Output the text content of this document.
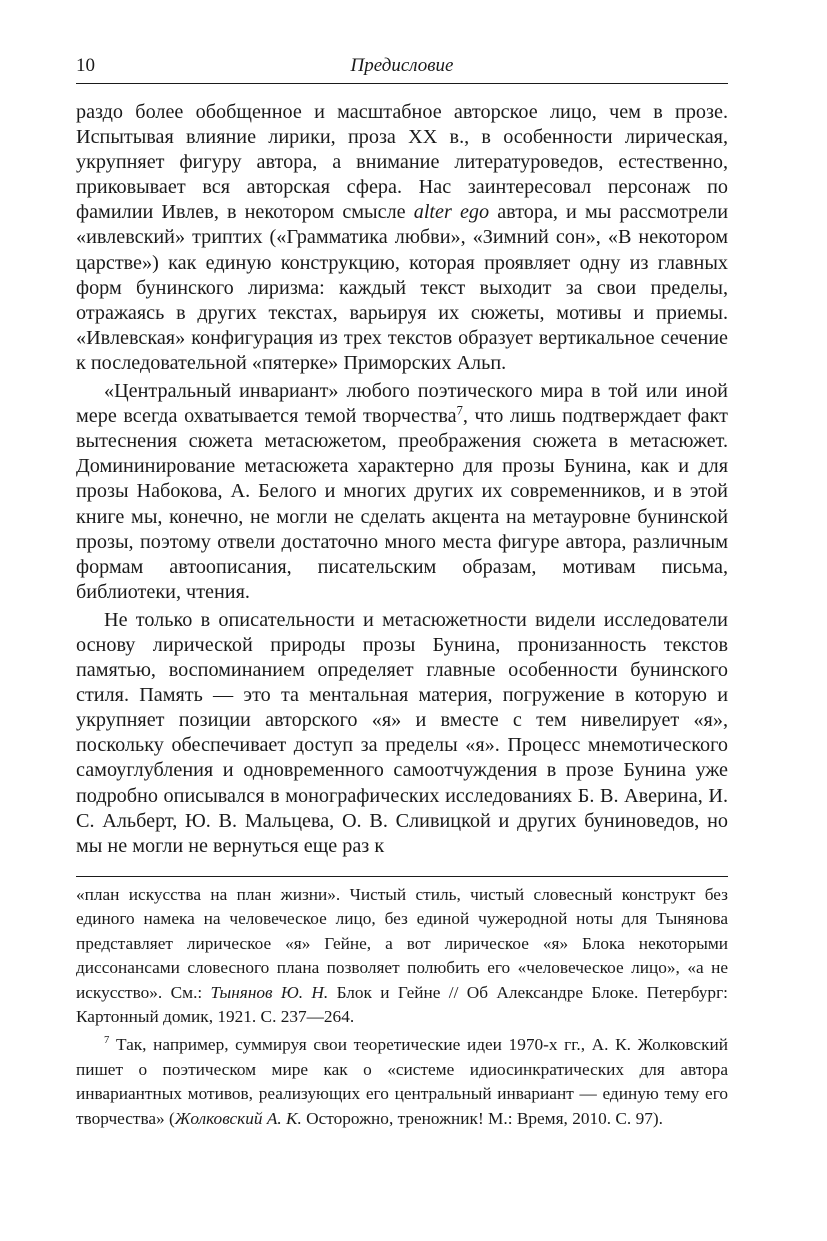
10	Предисловие

раздо более обобщенное и масштабное авторское лицо, чем в прозе. Испытывая влияние лирики, проза XX в., в особенности лирическая, укрупняет фигуру автора, а внимание литературоведов, естественно, приковывает вся авторская сфера. Нас заинтересовал персонаж по фамилии Ивлев, в некотором смысле alter ego автора, и мы рассмотрели «ивлевский» триптих («Грамматика любви», «Зимний сон», «В некотором царстве») как единую конструкцию, которая проявляет одну из главных форм бунинского лиризма: каждый текст выходит за свои пределы, отражаясь в других текстах, варьируя их сюжеты, мотивы и приемы. «Ивлевская» конфигурация из трех текстов образует вертикальное сечение к последовательной «пятерке» Приморских Альп.

«Центральный инвариант» любого поэтического мира в той или иной мере всегда охватывается темой творчества$^7$, что лишь подтверждает факт вытеснения сюжета метасюжетом, преображения сюжета в метасюжет. Домининирование метасюжета характерно для прозы Бунина, как и для прозы Набокова, А. Белого и многих других их современников, и в этой книге мы, конечно, не могли не сделать акцента на метауровне бунинской прозы, поэтому отвели достаточно много места фигуре автора, различным формам автоописания, писательским образам, мотивам письма, библиотеки, чтения.

Не только в описательности и метасюжетности видели исследователи основу лирической природы прозы Бунина, пронизанность текстов памятью, воспоминанием определяет главные особенности бунинского стиля. Память — это та ментальная материя, погружение в которую и укрупняет позиции авторского «я» и вместе с тем нивелирует «я», поскольку обеспечивает доступ за пределы «я». Процесс мнемотического самоуглубления и одновременного самоотчуждения в прозе Бунина уже подробно описывался в монографических исследованиях Б. В. Аверина, И. С. Альберт, Ю. В. Мальцева, О. В. Сливицкой и других буниноведов, но мы не могли не вернуться еще раз к

«план искусства на план жизни». Чистый стиль, чистый словесный конструкт без единого намека на человеческое лицо, без единой чужеродной ноты для Тынянова представляет лирическое «я» Гейне, а вот лирическое «я» Блока некоторыми диссонансами словесного плана позволяет полюбить его «человеческое лицо», «а не искусство». См.: Тынянов Ю. Н. Блок и Гейне // Об Александре Блоке. Петербург: Картонный домик, 1921. С. 237—264.

$^7$ Так, например, суммируя свои теоретические идеи 1970-х гг., А. К. Жолковский пишет о поэтическом мире как о «системе идиосинкратических для автора инвариантных мотивов, реализующих его центральный инвариант — единую тему его творчества» (Жолковский А. К. Осторожно, треножник! М.: Время, 2010. С. 97).
